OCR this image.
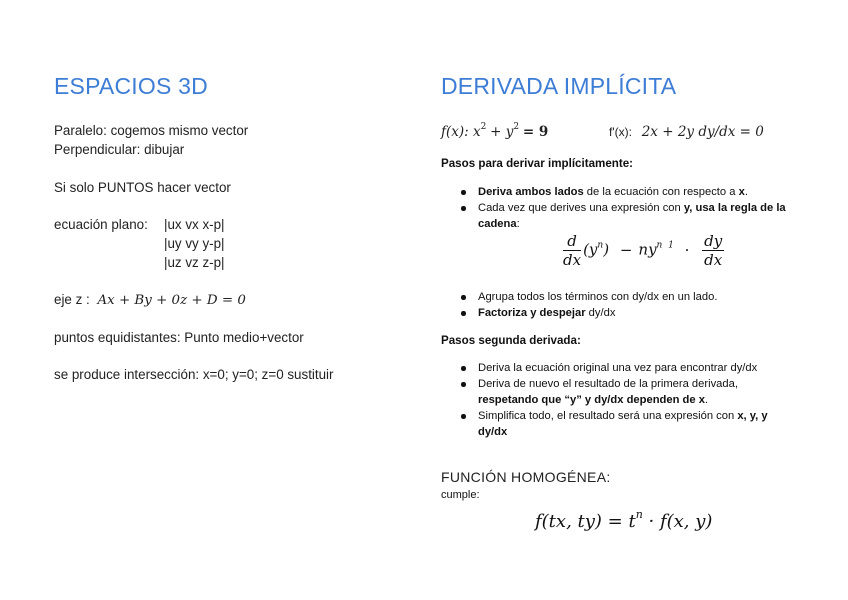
ESPACIOS 3D
Paralelo: cogemos mismo vector
Perpendicular: dibujar
Si solo PUNTOS hacer vector
ecuación plano: |ux vx x-p|
|uy vy y-p|
|uz vz z-p|
eje z : Ax + By + 0z + D = 0
puntos equidistantes: Punto medio+vector
se produce intersección: x=0; y=0; z=0 sustituir
DERIVADA IMPLÍCITA
f(x): $x^2 + y^2 = 9$	f'(x): 2x + 2y dy/dx = 0
Pasos para derivar implícitamente:
Deriva ambos lados de la ecuación con respecto a x.
Cada vez que derives una expresión con y, usa la regla de la cadena:
$\frac{d}{dx} (y^n) - ny^{n 1} \cdot \frac{dy}{dx}$
Agrupa todos los términos con dy/dx en un lado.
Factoriza y despejar dy/dx
Pasos segunda derivada:
Deriva la ecuación original una vez para encontrar dy/dx
Deriva de nuevo el resultado de la primera derivada, respetando que “y” y dy/dx dependen de x.
Simplifica todo, el resultado será una expresión con x, y, y dy/dx
FUNCIÓN HOMOGÉNEA:
cumple:
f(tx, $ty) = t^n \cdot f(x$, y)
